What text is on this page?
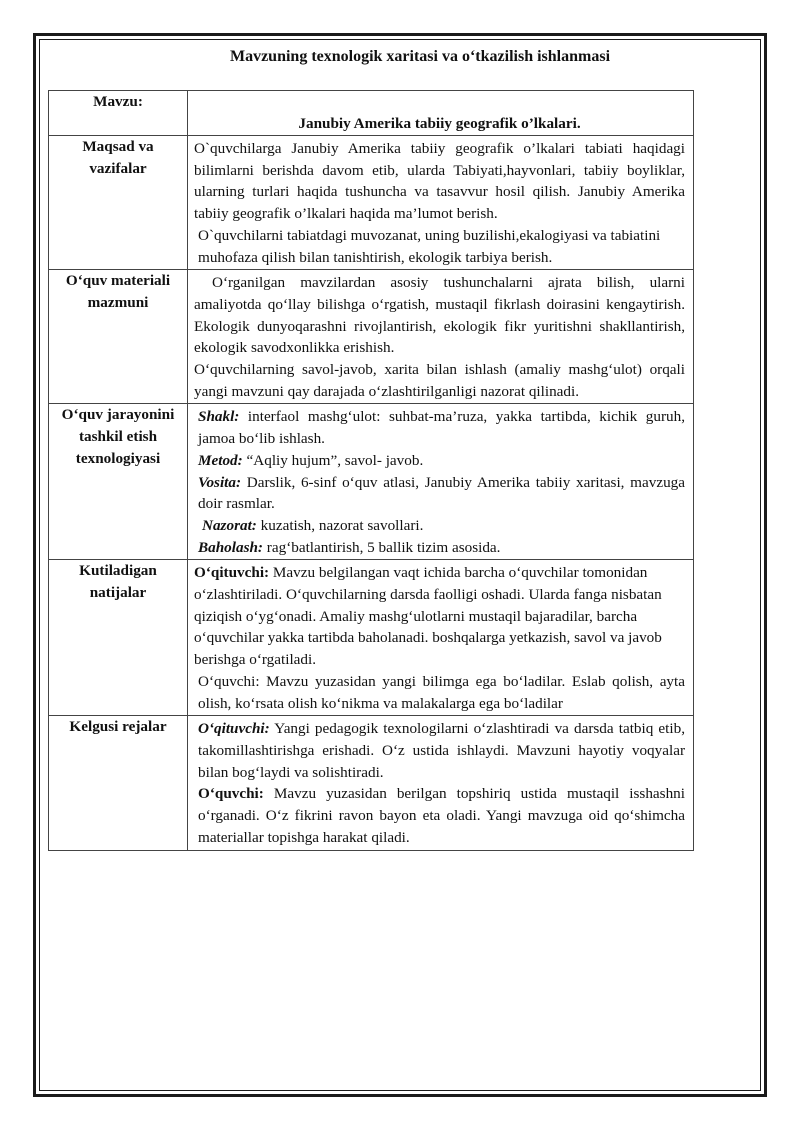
Mavzuning texnologik xaritasi va o‘tkazilish ishlanmasi
Mavzu:	Janubiy Amerika tabiiy geografik o’lkalari.
Maqsad va vazifalar	O`quvchilarga Janubiy Amerika tabiiy geografik o’lkalari tabiati haqidagi bilimlarni berishda davom etib, ularda Tabiyati,hayvonlari, tabiiy boyliklar, ularning turlari haqida tushuncha va tasavvur hosil qilish. Janubiy Amerika tabiiy geografik o’lkalari haqida ma’lumot berish.

O`quvchilarni tabiatdagi muvozanat, uning buzilishi,ekalogiyasi va tabiatini muhofaza qilish bilan tanishtirish, ekologik tarbiya berish.

O‘quv materiali mazmuni	O‘rganilgan mavzilardan asosiy tushunchalarni ajrata bilish, ularni amaliyotda qo‘llay bilishga o‘rgatish, mustaqil fikrlash doirasini kengaytirish. Ekologik dunyoqarashni rivojlantirish, ekologik fikr yuritishni shakllantirish, ekologik savodxonlikka erishish.

O‘quvchilarning savol-javob, xarita bilan ishlash (amaliy mashg‘ulot) orqali yangi mavzuni qay darajada o‘zlashtirilganligi nazorat qilinadi.

O‘quv jarayonini tashkil etish texnologiyasi	Shakl: interfaol mashg‘ulot: suhbat-ma’ruza, yakka tartibda, kichik guruh, jamoa bo‘lib ishlash.

Metod: “Aqliy hujum”, savol- javob.

Vosita: Darslik, 6-sinf o‘quv atlasi, Janubiy Amerika tabiiy xaritasi, mavzuga doir rasmlar.

Nazorat: kuzatish, nazorat savollari.

Baholash: rag‘batlantirish, 5 ballik tizim asosida.

Kutiladigan natijalar	O‘qituvchi: Mavzu belgilangan vaqt ichida barcha o‘quvchilar tomonidan o‘zlashtiriladi. O‘quvchilarning darsda faolligi oshadi. Ularda fanga nisbatan qiziqish o‘yg‘onadi. Amaliy mashg‘ulotlarni mustaqil bajaradilar, barcha o‘quvchilar yakka tartibda baholanadi. boshqalarga yetkazish, savol va javob berishga o‘rgatiladi.

O‘quvchi: Mavzu yuzasidan yangi bilimga ega bo‘ladilar. Eslab qolish, ayta olish, ko‘rsata olish ko‘nikma va malakalarga ega bo‘ladilar

Kelgusi rejalar	O‘qituvchi: Yangi pedagogik texnologilarni o‘zlashtiradi va darsda tatbiq etib, takomillashtirishga erishadi. O‘z ustida ishlaydi. Mavzuni hayotiy voqyalar bilan bog‘laydi va solishtiradi.

O‘quvchi: Mavzu yuzasidan berilgan topshiriq ustida mustaqil isshashni o‘rganadi. O‘z fikrini ravon bayon eta oladi. Yangi mavzuga oid qo‘shimcha materiallar topishga harakat qiladi.
